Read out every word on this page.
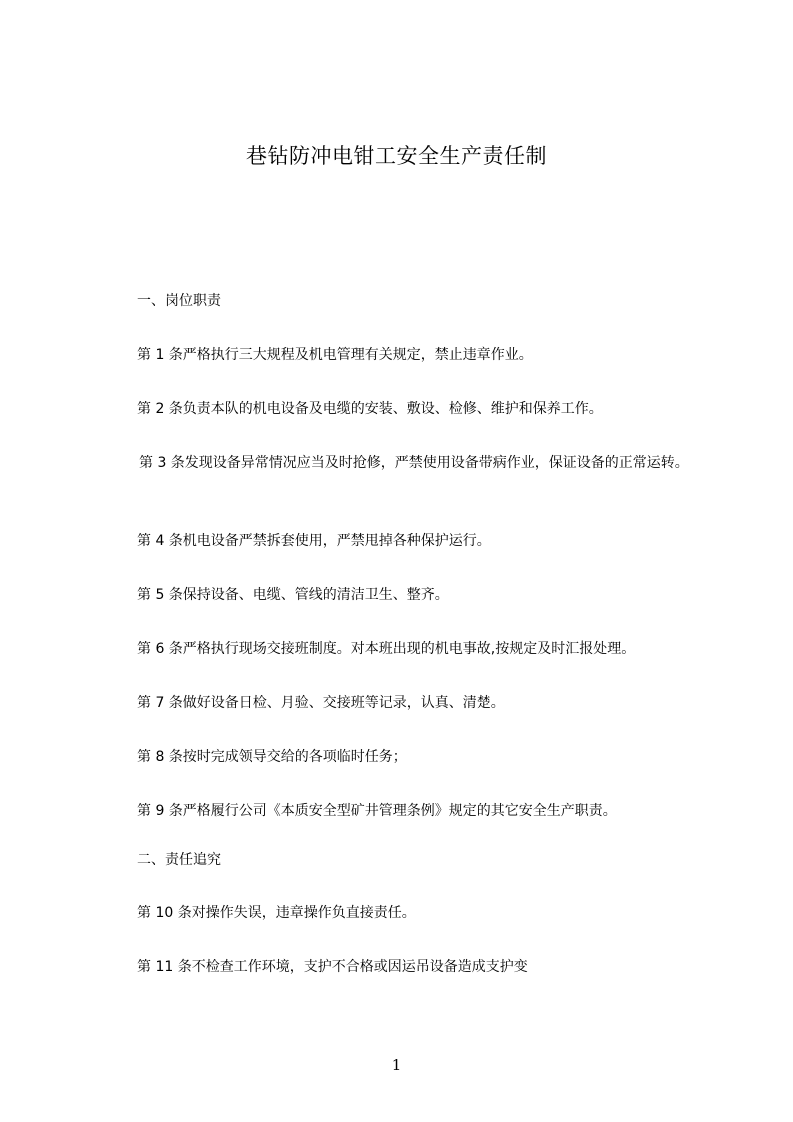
巷钻防冲电钳工安全生产责任制
一、岗位职责
第 1 条严格执行三大规程及机电管理有关规定，禁止违章作业。
第 2 条负责本队的机电设备及电缆的安装、敷设、检修、维护和保养工作。
第 3 条发现设备异常情况应当及时抢修，严禁使用设备带病作业，保证设备的正常运转。
第 4 条机电设备严禁拆套使用，严禁甩掉各种保护运行。
第 5 条保持设备、电缆、管线的清洁卫生、整齐。
第 6 条严格执行现场交接班制度。对本班出现的机电事故,按规定及时汇报处理。
第 7 条做好设备日检、月验、交接班等记录，认真、清楚。
第 8 条按时完成领导交给的各项临时任务；
第 9 条严格履行公司《本质安全型矿井管理条例》规定的其它安全生产职责。
二、责任追究
第 10 条对操作失误，违章操作负直接责任。
第 11 条不检查工作环境，支护不合格或因运吊设备造成支护变
1
